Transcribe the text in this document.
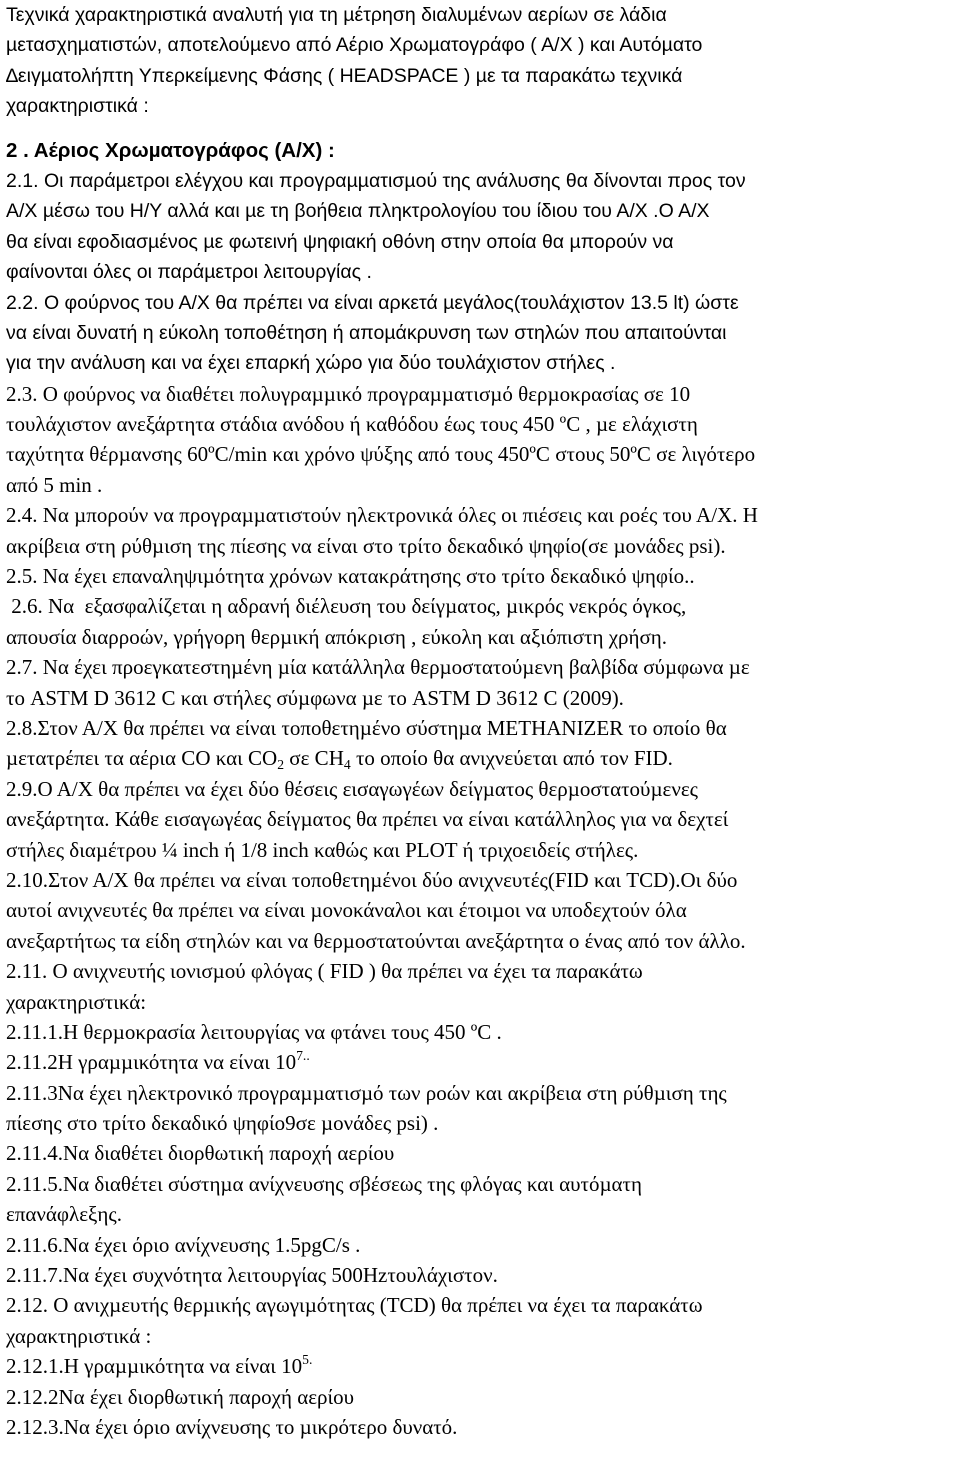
Τεχνικά χαρακτηριστικά αναλυτή για τη µέτρηση διαλυµένων αερίων σε λάδια
µετασχηµατιστών, αποτελούµενο από Αέριο Χρωµατογράφο ( Α/Χ ) και Αυτόµατο
∆ειγµατολήπτη Υπερκείµενης Φάσης ( HEADSPACE ) µε τα παρακάτω τεχνικά
χαρακτηριστικά :
2 . Αέριος Χρωµατογράφος (Α/Χ) :
2.1. Οι παράµετροι ελέγχου και προγραµµατισµού της ανάλυσης θα δίνονται προς τον
Α/Χ µέσω του Η/Υ αλλά και µε τη βοήθεια πληκτρολογίου του ίδιου του Α/Χ .Ο Α/Χ
θα είναι εφοδιασµένος µε φωτεινή ψηφιακή οθόνη στην οποία θα µπορούν να
φαίνονται όλες οι παράµετροι λειτουργίας .
2.2. Ο φούρνος του Α/Χ θα πρέπει να είναι αρκετά µεγάλος(τουλάχιστον 13.5 lt) ώστε
να είναι δυνατή η εύκολη τοποθέτηση ή αποµάκρυνση των στηλών που απαιτούνται
για την ανάλυση και να έχει επαρκή χώρο για δύο τουλάχιστον στήλες .
2.3. Ο φούρνος να διαθέτει πολυγραµµικό προγραµµατισµό θερµοκρασίας σε 10
τουλάχιστον ανεξάρτητα στάδια ανόδου ή καθόδου έως τους 450 ºC , µε ελάχιστη
ταχύτητα θέρµανσης 60ºC/min και χρόνο ψύξης από τους 450ºC στους 50ºC σε λιγότερο
από 5 min .
2.4. Να µπορούν να προγραµµατιστούν ηλεκτρονικά όλες οι πιέσεις και ροές του Α/Χ. Η
ακρίβεια στη ρύθµιση της πίεσης να είναι στο τρίτο δεκαδικό ψηφίο(σε µονάδες psi).
2.5. Να έχει επαναληψιµότητα χρόνων κατακράτησης στο τρίτο δεκαδικό ψηφίο..
2.6. Να  εξασφαλίζεται η αδρανή διέλευση του δείγµατος, µικρός νεκρός όγκος,
απουσία διαρροών, γρήγορη θερµική απόκριση , εύκολη και αξιόπιστη χρήση.
2.7. Να έχει προεγκατεστηµένη µία κατάλληλα θερµοστατούµενη βαλβίδα σύµφωνα µε
το ASTM D 3612 C και στήλες σύµφωνα µε το ASTM D 3612 C (2009).
2.8.Στον Α/Χ θα πρέπει να είναι τοποθετηµένο σύστηµα METHANIZER το οποίο θα
µετατρέπει τα αέρια CO και $CO_2$ σε $CH_4$ το οποίο θα ανιχνεύεται από τον FID.
2.9.Ο Α/Χ θα πρέπει να έχει δύο θέσεις εισαγωγέων δείγµατος θερµοστατούµενες
ανεξάρτητα. Κάθε εισαγωγέας δείγµατος θα πρέπει να είναι κατάλληλος για να δεχτεί
στήλες διαµέτρου ¼ inch ή 1/8 inch καθώς και PLOT ή τριχοειδείς στήλες.
2.10.Στον Α/Χ θα πρέπει να είναι τοποθετηµένοι δύο ανιχνευτές(FID και TCD).Οι δύο
αυτοί ανιχνευτές θα πρέπει να είναι µονοκάναλοι και έτοιµοι να υποδεχτούν όλα
ανεξαρτήτως τα είδη στηλών και να θερµοστατούνται ανεξάρτητα ο ένας από τον άλλο.
2.11. Ο ανιχνευτής ιονισµού φλόγας ( FID ) θα πρέπει να έχει τα παρακάτω
χαρακτηριστικά:
2.11.1.Η θερµοκρασία λειτουργίας να φτάνει τους 450 ºC .
2.11.2Η γραµµικότητα να είναι $10^{7..}$
2.11.3Να έχει ηλεκτρονικό προγραµµατισµό των ροών και ακρίβεια στη ρύθµιση της
πίεσης στο τρίτο δεκαδικό ψηφίο9σε µονάδες psi) .
2.11.4.Να διαθέτει διορθωτική παροχή αερίου
2.11.5.Να διαθέτει σύστηµα ανίχνευσης σβέσεως της φλόγας και αυτόµατη
επανάφλεξης.
2.11.6.Να έχει όριο ανίχνευσης 1.5pgC/s .
2.11.7.Να έχει συχνότητα λειτουργίας 500Hzτουλάχιστον.
2.12. Ο ανιχµευτής θερµικής αγωγιµότητας (TCD) θα πρέπει να έχει τα παρακάτω
χαρακτηριστικά :
2.12.1.Η γραµµικότητα να είναι $10^{5.}$
2.12.2Να έχει διορθωτική παροχή αερίου
2.12.3.Να έχει όριο ανίχνευσης το µικρότερο δυνατό.
